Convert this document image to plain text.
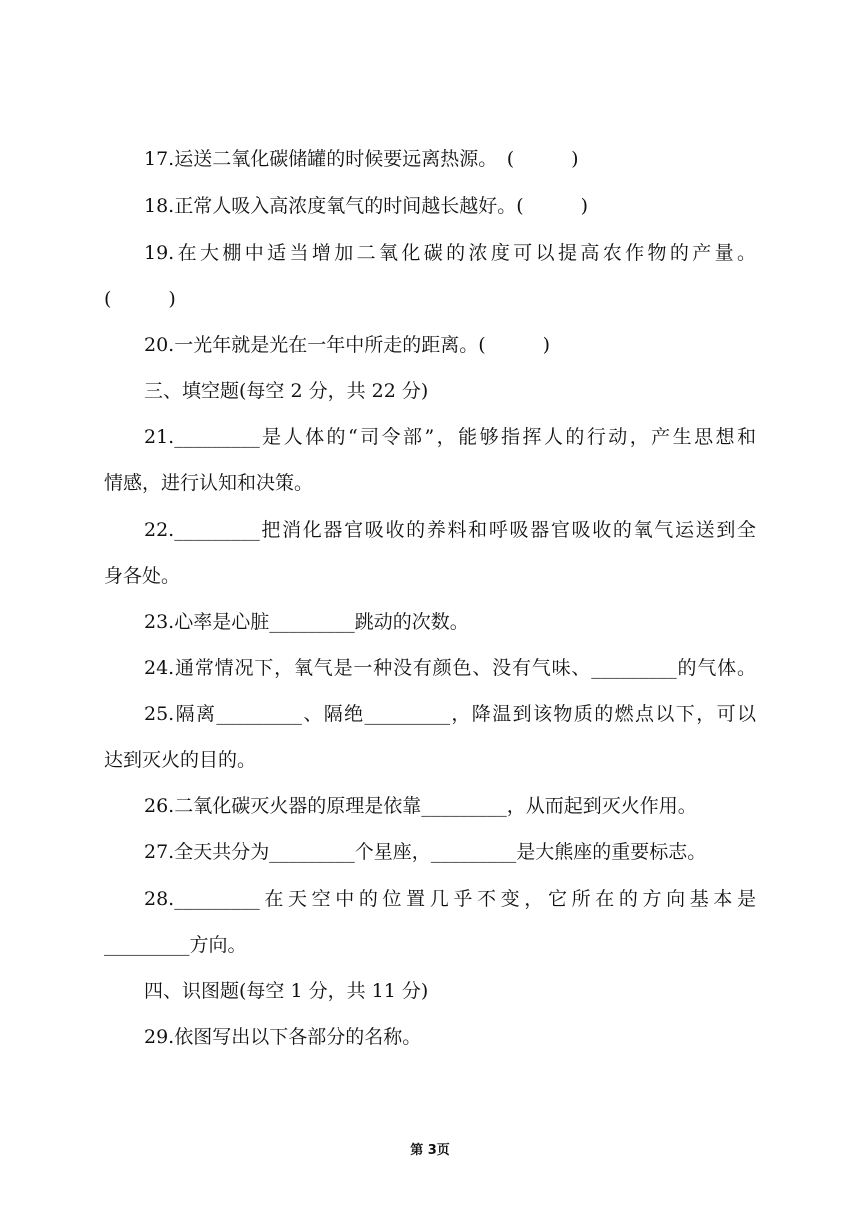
17.运送二氧化碳储罐的时候要远离热源。　(　　　)
18.正常人吸入高浓度氧气的时间越长越好。(　　　)
19.在大棚中适当增加二氧化碳的浓度可以提高农作物的产量。
(　　　)
20.一光年就是光在一年中所走的距离。(　　　)
三、填空题(每空 2 分，共 22 分)
21._________是人体的“司令部”，能够指挥人的行动，产生思想和
情感，进行认知和决策。
22._________把消化器官吸收的养料和呼吸器官吸收的氧气运送到全
身各处。
23.心率是心脏_________跳动的次数。
24.通常情况下，氧气是一种没有颜色、没有气味、_________的气体。
25.隔离_________、隔绝_________，降温到该物质的燃点以下，可以
达到灭火的目的。
26.二氧化碳灭火器的原理是依靠_________，从而起到灭火作用。
27.全天共分为_________个星座，_________是大熊座的重要标志。
28._________在天空中的位置几乎不变，它所在的方向基本是
_________方向。
四、识图题(每空 1 分，共 11 分)
29.依图写出以下各部分的名称。
第 3页
